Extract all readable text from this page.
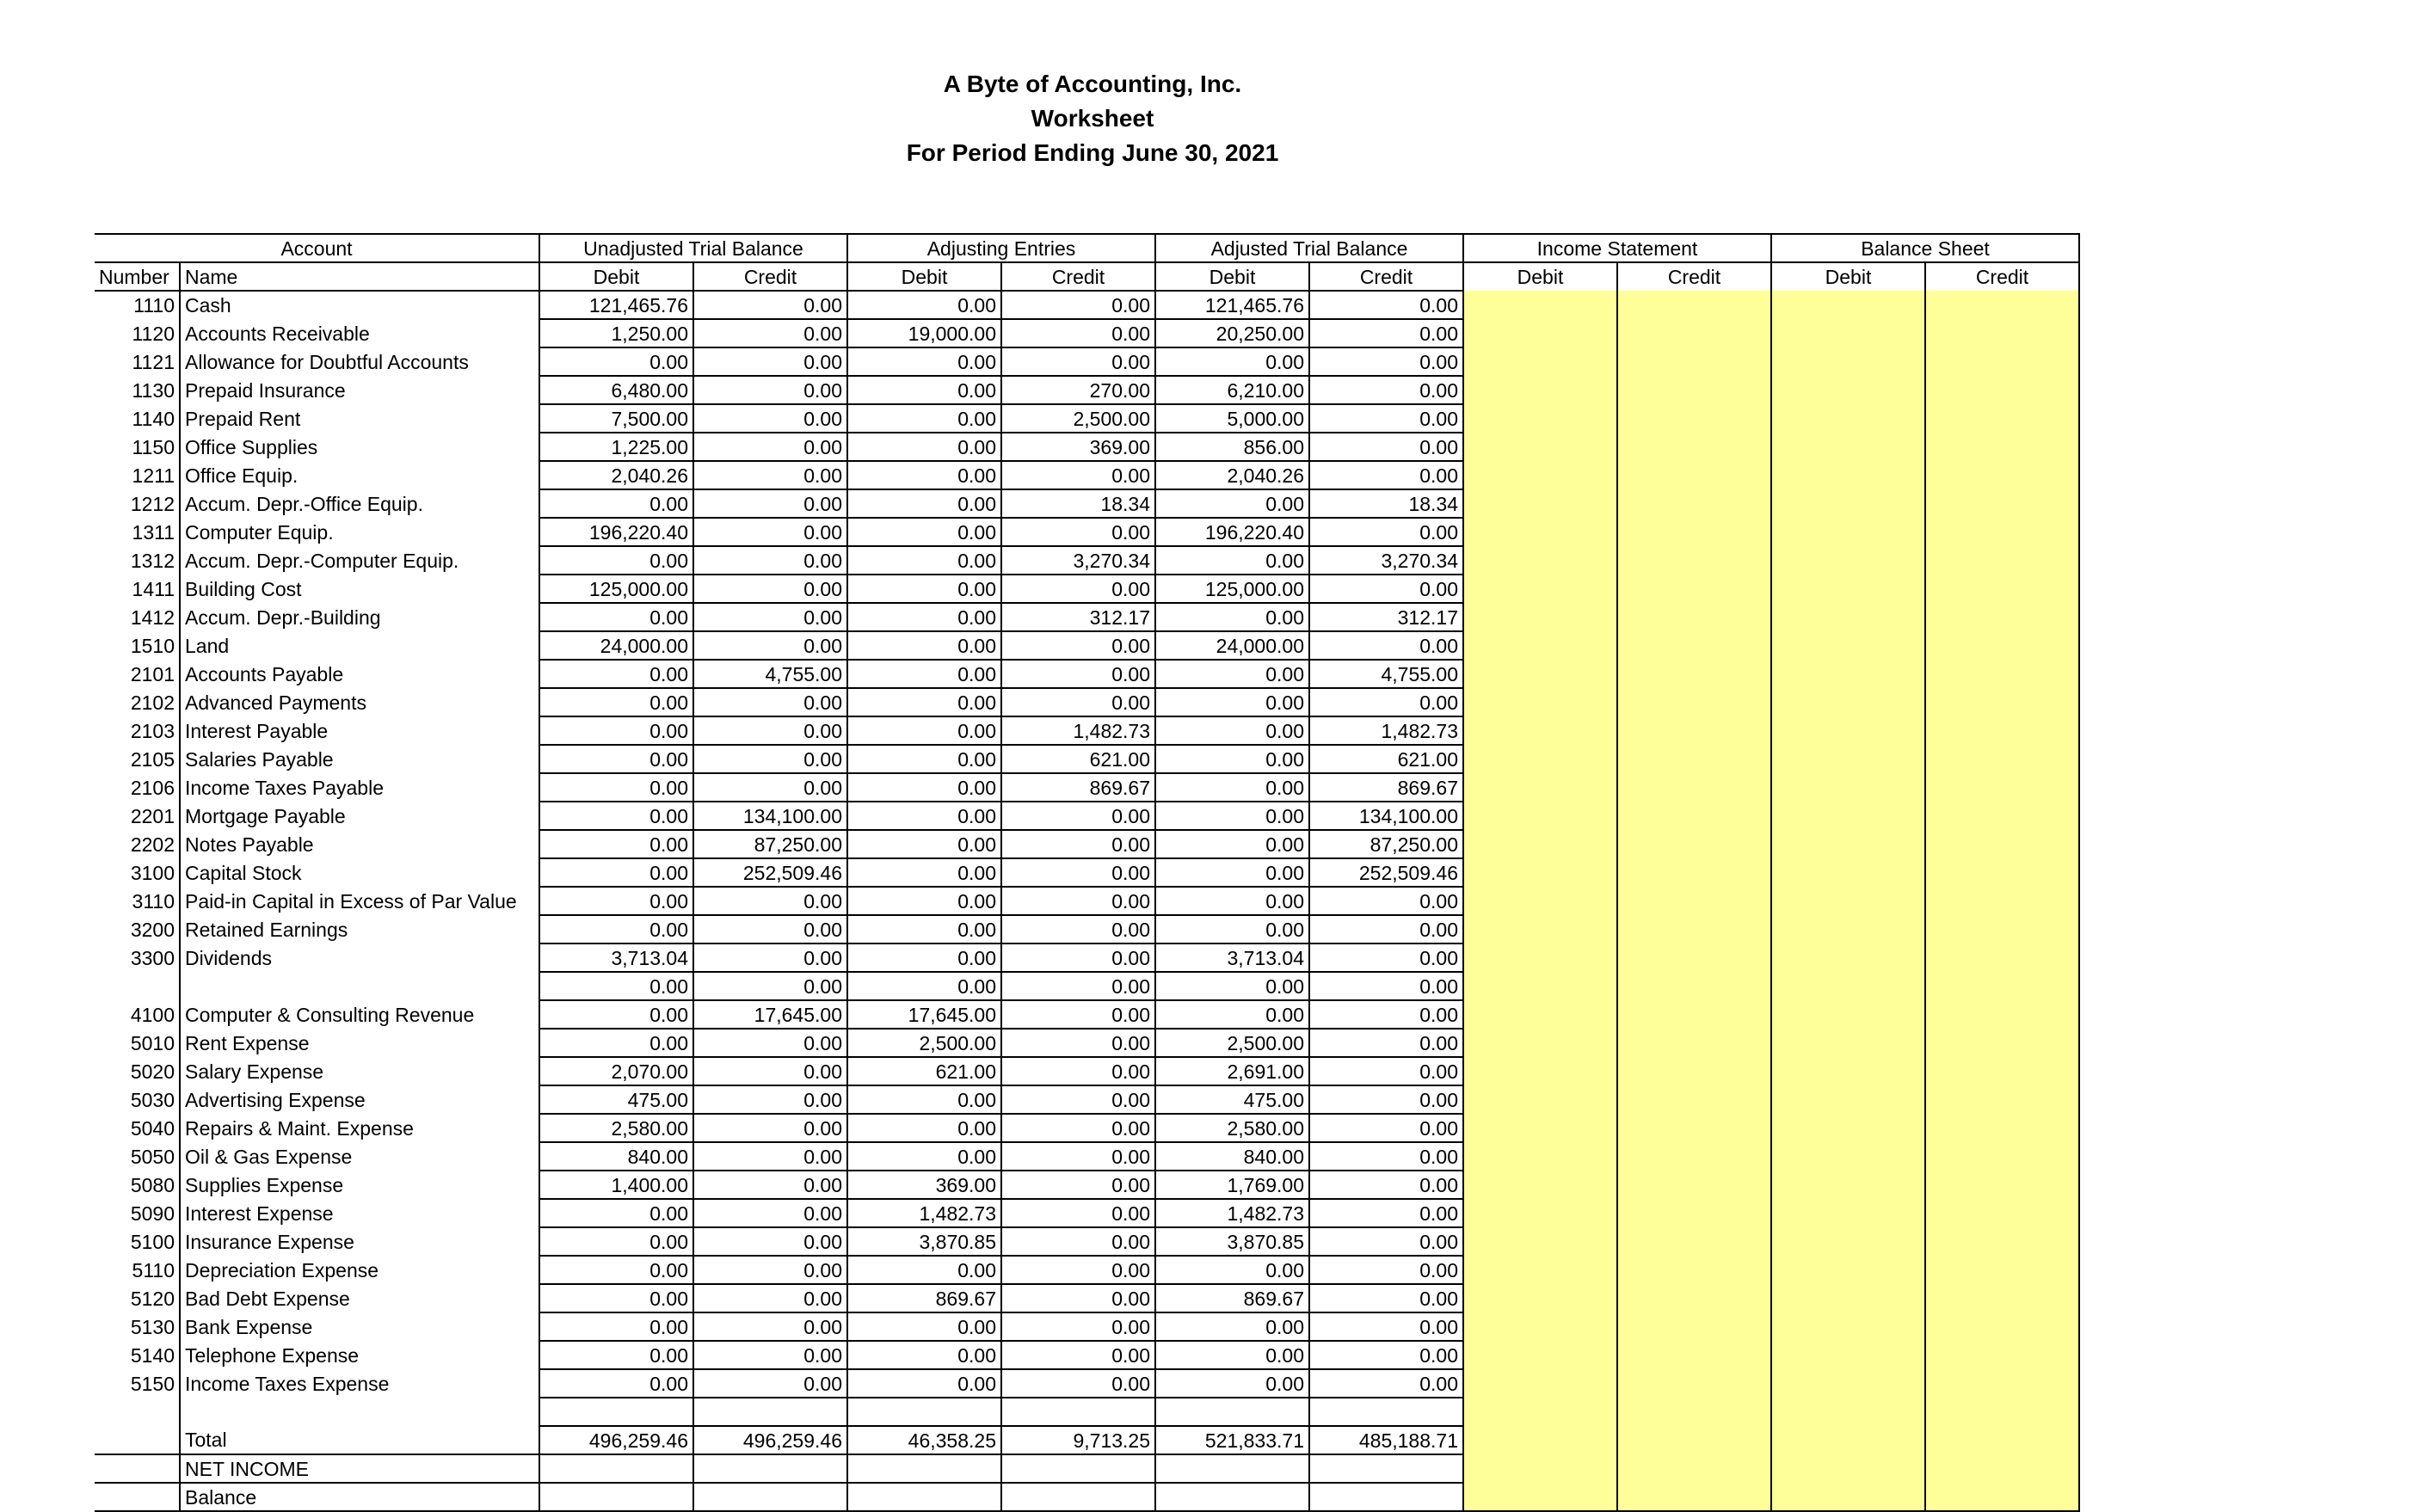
A Byte of Accounting, Inc.
Worksheet
For Period Ending June 30, 2021
Account		Unadjusted Trial Balance		Adjusting Entries		Adjusted Trial Balance		Income Statement		Balance Sheet	
Number	Name	Debit	Credit	Debit	Credit	Debit	Credit	Debit	Credit	Debit	Credit
1110	Cash	121,465.76	0.00	0.00	0.00	121,465.76	0.00				
1120	Accounts Receivable	1,250.00	0.00	19,000.00	0.00	20,250.00	0.00				
1121	Allowance for Doubtful Accounts	0.00	0.00	0.00	0.00	0.00	0.00				
1130	Prepaid Insurance	6,480.00	0.00	0.00	270.00	6,210.00	0.00				
1140	Prepaid Rent	7,500.00	0.00	0.00	2,500.00	5,000.00	0.00				
1150	Office Supplies	1,225.00	0.00	0.00	369.00	856.00	0.00				
1211	Office Equip.	2,040.26	0.00	0.00	0.00	2,040.26	0.00				
1212	Accum. Depr.-Office Equip.	0.00	0.00	0.00	18.34	0.00	18.34				
1311	Computer Equip.	196,220.40	0.00	0.00	0.00	196,220.40	0.00				
1312	Accum. Depr.-Computer Equip.	0.00	0.00	0.00	3,270.34	0.00	3,270.34				
1411	Building Cost	125,000.00	0.00	0.00	0.00	125,000.00	0.00				
1412	Accum. Depr.-Building	0.00	0.00	0.00	312.17	0.00	312.17				
1510	Land	24,000.00	0.00	0.00	0.00	24,000.00	0.00				
2101	Accounts Payable	0.00	4,755.00	0.00	0.00	0.00	4,755.00				
2102	Advanced Payments	0.00	0.00	0.00	0.00	0.00	0.00				
2103	Interest Payable	0.00	0.00	0.00	1,482.73	0.00	1,482.73				
2105	Salaries Payable	0.00	0.00	0.00	621.00	0.00	621.00				
2106	Income Taxes Payable	0.00	0.00	0.00	869.67	0.00	869.67				
2201	Mortgage Payable	0.00	134,100.00	0.00	0.00	0.00	134,100.00				
2202	Notes Payable	0.00	87,250.00	0.00	0.00	0.00	87,250.00				
3100	Capital Stock	0.00	252,509.46	0.00	0.00	0.00	252,509.46				
3110	Paid-in Capital in Excess of Par Value	0.00	0.00	0.00	0.00	0.00	0.00				
3200	Retained Earnings	0.00	0.00	0.00	0.00	0.00	0.00				
3300	Dividends	3,713.04	0.00	0.00	0.00	3,713.04	0.00				
		0.00	0.00	0.00	0.00	0.00	0.00				
4100	Computer & Consulting Revenue	0.00	17,645.00	17,645.00	0.00	0.00	0.00				
5010	Rent Expense	0.00	0.00	2,500.00	0.00	2,500.00	0.00				
5020	Salary Expense	2,070.00	0.00	621.00	0.00	2,691.00	0.00				
5030	Advertising Expense	475.00	0.00	0.00	0.00	475.00	0.00				
5040	Repairs & Maint. Expense	2,580.00	0.00	0.00	0.00	2,580.00	0.00				
5050	Oil & Gas Expense	840.00	0.00	0.00	0.00	840.00	0.00				
5080	Supplies Expense	1,400.00	0.00	369.00	0.00	1,769.00	0.00				
5090	Interest Expense	0.00	0.00	1,482.73	0.00	1,482.73	0.00				
5100	Insurance Expense	0.00	0.00	3,870.85	0.00	3,870.85	0.00				
5110	Depreciation Expense	0.00	0.00	0.00	0.00	0.00	0.00				
5120	Bad Debt Expense	0.00	0.00	869.67	0.00	869.67	0.00				
5130	Bank Expense	0.00	0.00	0.00	0.00	0.00	0.00				
5140	Telephone Expense	0.00	0.00	0.00	0.00	0.00	0.00				
5150	Income Taxes Expense	0.00	0.00	0.00	0.00	0.00	0.00				

	Total	496,259.46	496,259.46	46,358.25	9,713.25	521,833.71	485,188.71				
	NET INCOME										
	Balance										
